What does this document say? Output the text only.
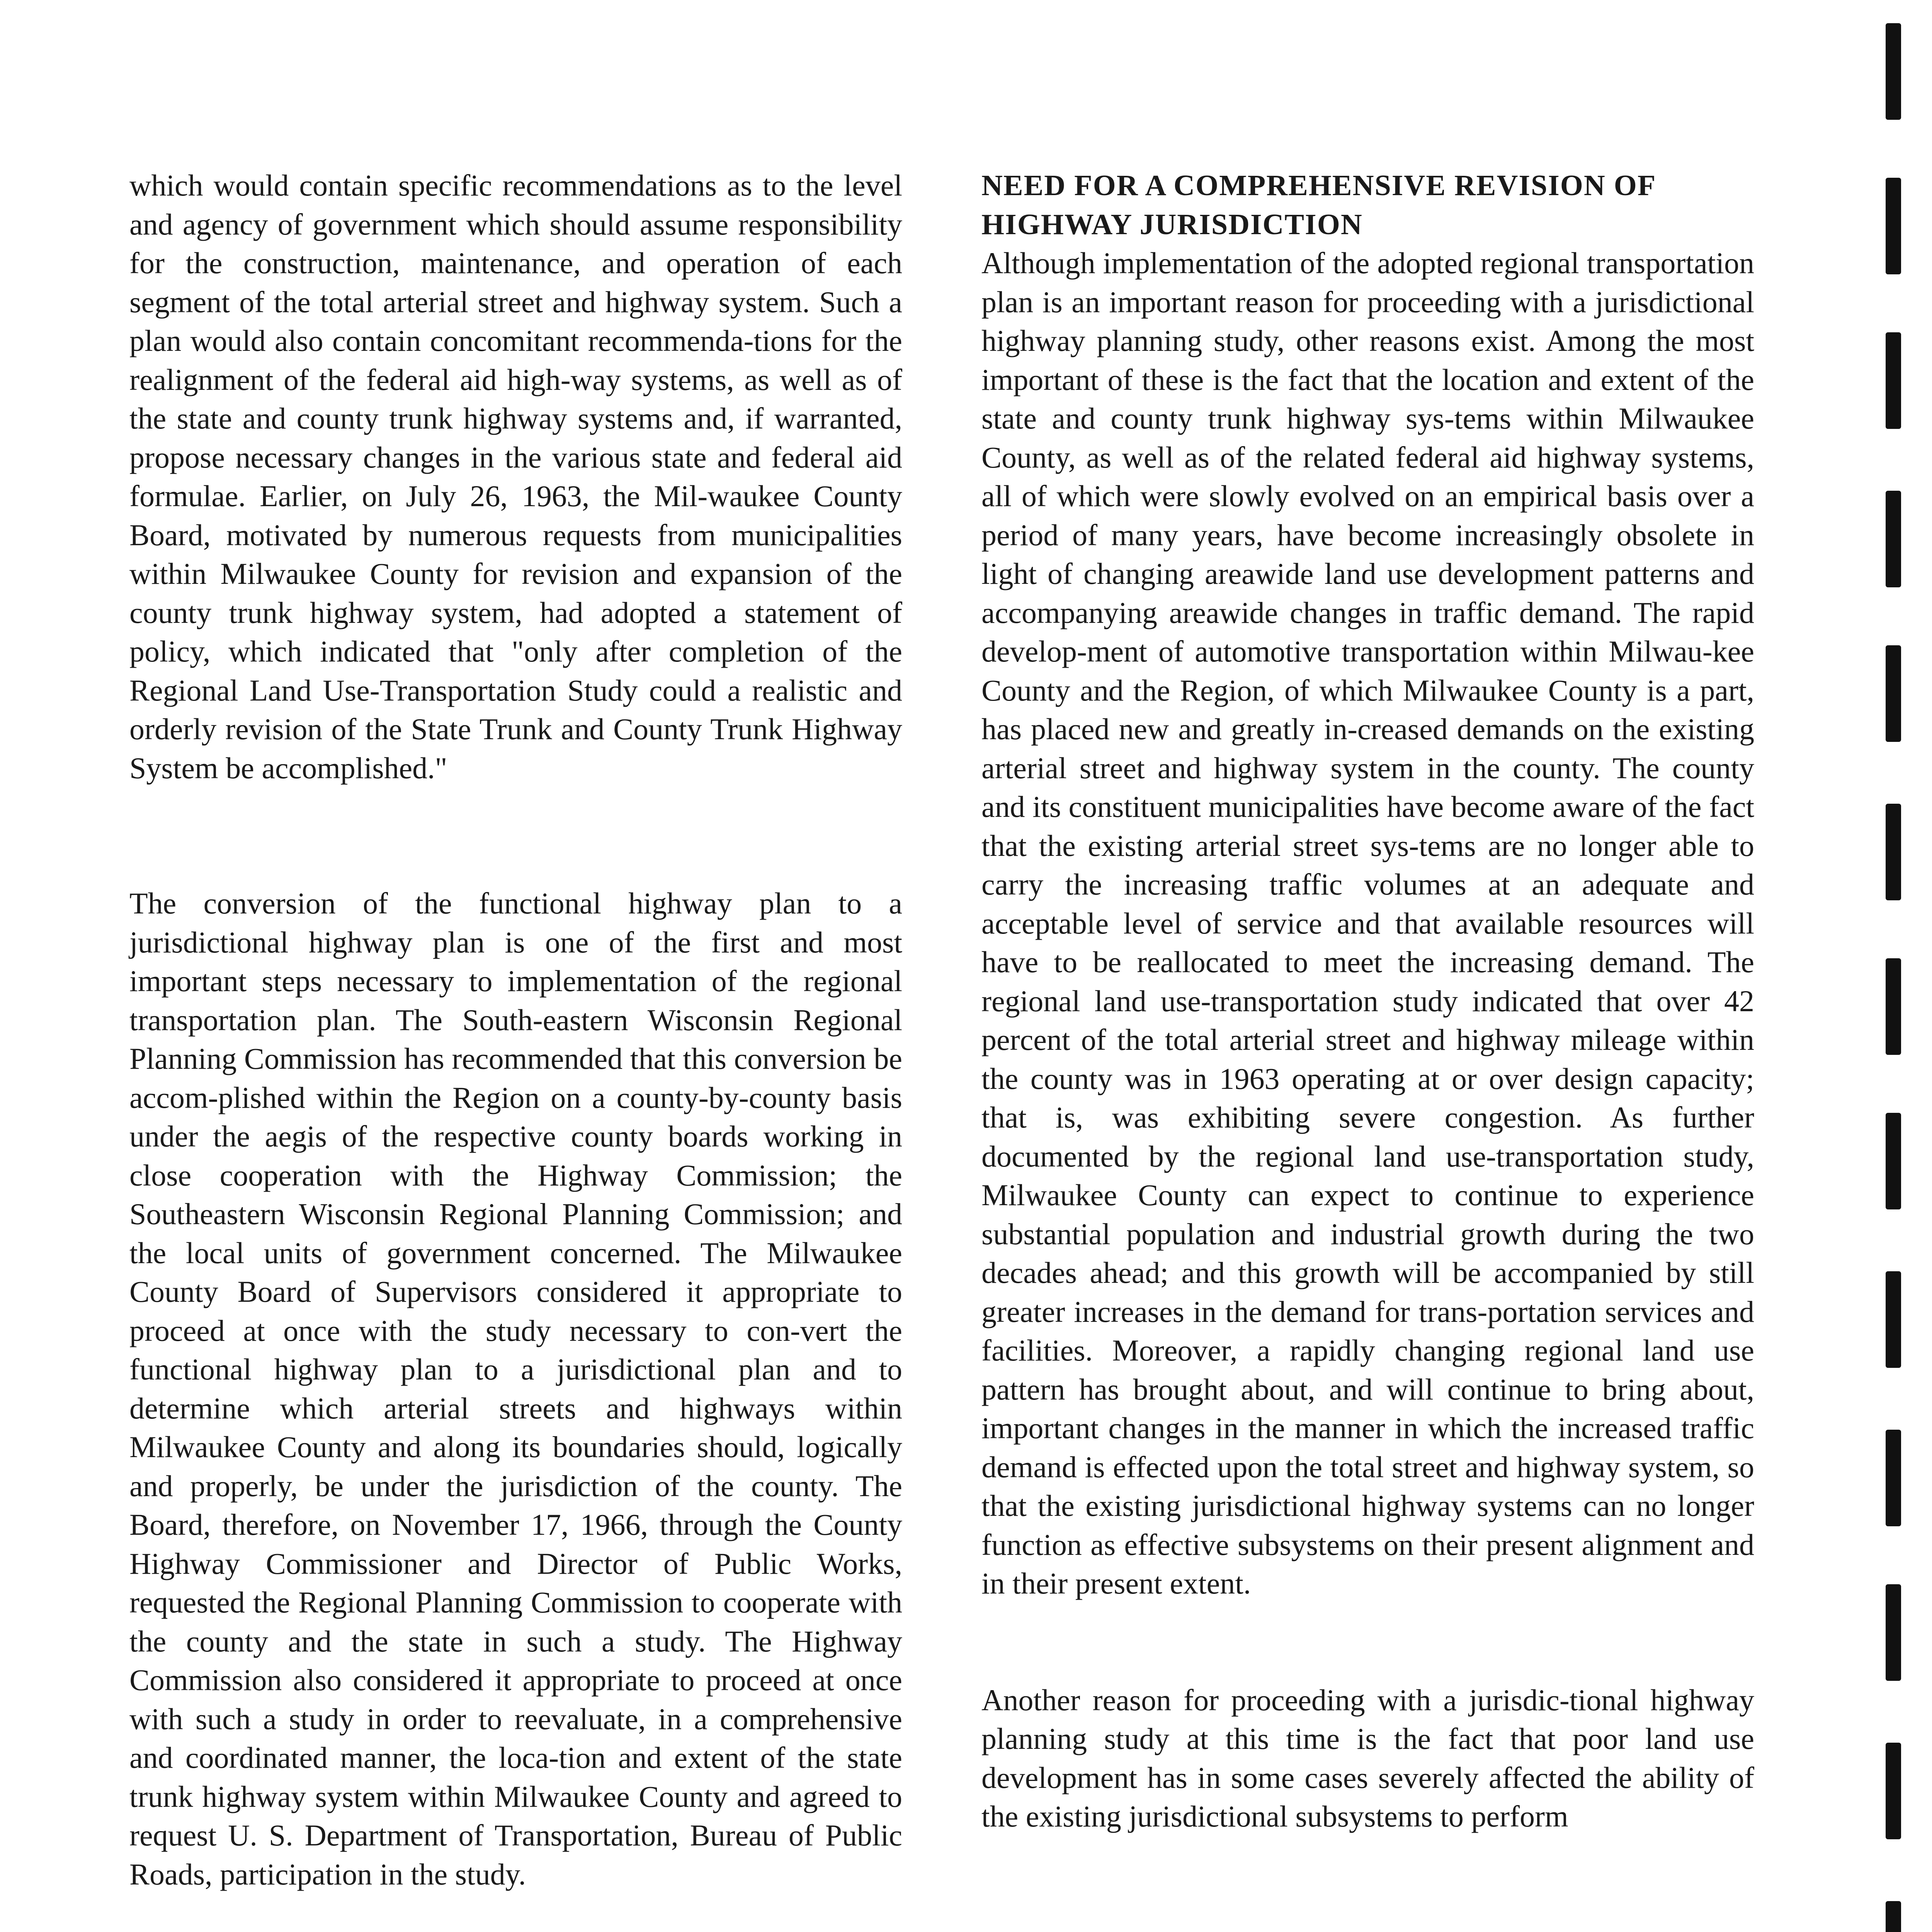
which would contain specific recommendations as to the level and agency of government which should assume responsibility for the construction, maintenance, and operation of each segment of the total arterial street and highway system. Such a plan would also contain concomitant recommenda-tions for the realignment of the federal aid high-way systems, as well as of the state and county trunk highway systems and, if warranted, propose necessary changes in the various state and federal aid formulae. Earlier, on July 26, 1963, the Mil-waukee County Board, motivated by numerous requests from municipalities within Milwaukee County for revision and expansion of the county trunk highway system, had adopted a statement of policy, which indicated that "only after completion of the Regional Land Use-Transportation Study could a realistic and orderly revision of the State Trunk and County Trunk Highway System be accomplished."

The conversion of the functional highway plan to a jurisdictional highway plan is one of the first and most important steps necessary to implementation of the regional transportation plan. The South-eastern Wisconsin Regional Planning Commission has recommended that this conversion be accom-plished within the Region on a county-by-county basis under the aegis of the respective county boards working in close cooperation with the Highway Commission; the Southeastern Wisconsin Regional Planning Commission; and the local units of government concerned. The Milwaukee County Board of Supervisors considered it appropriate to proceed at once with the study necessary to con-vert the functional highway plan to a jurisdictional plan and to determine which arterial streets and highways within Milwaukee County and along its boundaries should, logically and properly, be under the jurisdiction of the county. The Board, therefore, on November 17, 1966, through the County Highway Commissioner and Director of Public Works, requested the Regional Planning Commission to cooperate with the county and the state in such a study. The Highway Commission also considered it appropriate to proceed at once with such a study in order to reevaluate, in a comprehensive and coordinated manner, the loca-tion and extent of the state trunk highway system within Milwaukee County and agreed to request U. S. Department of Transportation, Bureau of Public Roads, participation in the study.

NEED FOR A COMPREHENSIVE REVISION OF HIGHWAY JURISDICTION

Although implementation of the adopted regional transportation plan is an important reason for proceeding with a jurisdictional highway planning study, other reasons exist. Among the most important of these is the fact that the location and extent of the state and county trunk highway sys-tems within Milwaukee County, as well as of the related federal aid highway systems, all of which were slowly evolved on an empirical basis over a period of many years, have become increasingly obsolete in light of changing areawide land use development patterns and accompanying areawide changes in traffic demand. The rapid develop-ment of automotive transportation within Milwau-kee County and the Region, of which Milwaukee County is a part, has placed new and greatly in-creased demands on the existing arterial street and highway system in the county. The county and its constituent municipalities have become aware of the fact that the existing arterial street sys-tems are no longer able to carry the increasing traffic volumes at an adequate and acceptable level of service and that available resources will have to be reallocated to meet the increasing demand. The regional land use-transportation study indicated that over 42 percent of the total arterial street and highway mileage within the county was in 1963 operating at or over design capacity; that is, was exhibiting severe congestion. As further documented by the regional land use-transportation study, Milwaukee County can expect to continue to experience substantial population and industrial growth during the two decades ahead; and this growth will be accompanied by still greater increases in the demand for trans-portation services and facilities. Moreover, a rapidly changing regional land use pattern has brought about, and will continue to bring about, important changes in the manner in which the increased traffic demand is effected upon the total street and highway system, so that the existing jurisdictional highway systems can no longer function as effective subsystems on their present alignment and in their present extent.

Another reason for proceeding with a jurisdic-tional highway planning study at this time is the fact that poor land use development has in some cases severely affected the ability of the existing jurisdictional subsystems to perform
